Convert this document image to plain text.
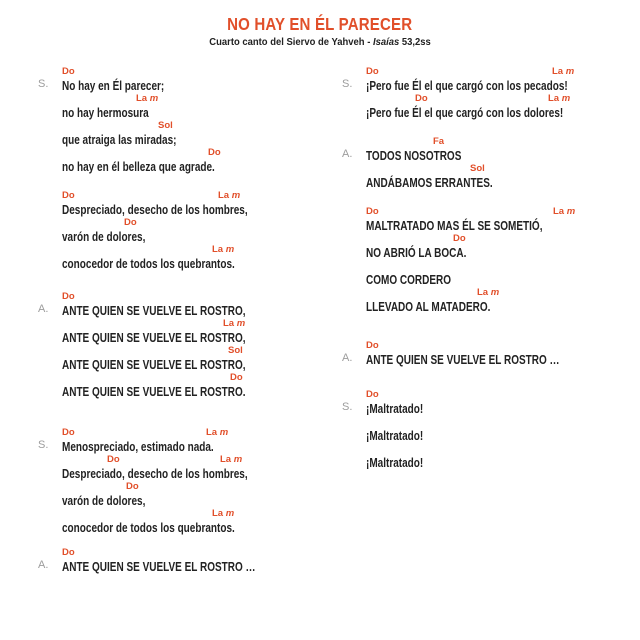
NO HAY EN ÉL PARECER
Cuarto canto del Siervo de Yahveh - Isaías 53,2ss
Do
S. No hay en Él parecer;
La m
no hay hermosura
Sol
que atraiga las miradas;
Do
no hay en él belleza que agrade.
Do	La m
Despreciado, desecho de los hombres,
Do
varón de dolores,
La m
conocedor de todos los quebrantos.
Do
A. ANTE QUIEN SE VUELVE EL ROSTRO,
La m
ANTE QUIEN SE VUELVE EL ROSTRO,
Sol
ANTE QUIEN SE VUELVE EL ROSTRO,
Do
ANTE QUIEN SE VUELVE EL ROSTRO.
Do	La m
S. Menospreciado, estimado nada.
Do	La m
Despreciado, desecho de los hombres,
Do
varón de dolores,
La m
conocedor de todos los quebrantos.
Do
A. ANTE QUIEN SE VUELVE EL ROSTRO …
Do	La m
S. ¡Pero fue Él el que cargó con los pecados!
Do	La m
¡Pero fue Él el que cargó con los dolores!
Fa
A. TODOS NOSOTROS
Sol
ANDÁBAMOS ERRANTES.
Do	La m
MALTRATADO MAS ÉL SE SOMETIÓ,
Do
NO ABRIÓ LA BOCA.
COMO CORDERO
La m
LLEVADO AL MATADERO.
Do
A. ANTE QUIEN SE VUELVE EL ROSTRO …
Do
S. ¡Maltratado!
¡Maltratado!
¡Maltratado!
